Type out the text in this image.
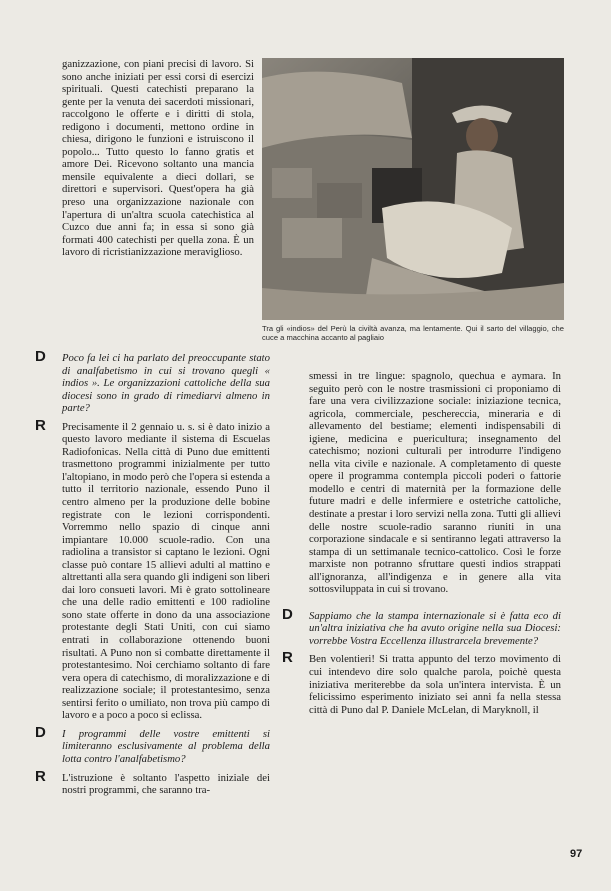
ganizzazione, con piani precisi di lavoro. Si sono anche iniziati per essi corsi di esercizi spirituali. Questi catechisti preparano la gente per la venuta dei sacerdoti missionari, raccolgono le offerte e i diritti di stola, redigono i documenti, mettono ordine in chiesa, dirigono le funzioni e istruiscono il popolo... Tutto questo lo fanno gratis et amore Dei. Ricevono soltanto una mancia mensile equivalente a dieci dollari, se direttori e supervisori. Quest'opera ha già preso una organizzazione nazionale con l'apertura di un'altra scuola catechistica al Cuzco due anni fa; in essa si sono già formati 400 catechisti per quella zona. È un lavoro di ricristianizzazione meraviglioso.

Tra gli «indios» del Perù la civiltà avanza, ma lentamente. Qui il sarto del villaggio, che cuce a macchina accanto al pagliaio
D Poco fa lei ci ha parlato del preoccupante stato di analfabetismo in cui si trovano quegli « indios ». Le organizzazioni cattoliche della sua diocesi sono in grado di rimediarvi almeno in parte?

R Precisamente il 2 gennaio u. s. si è dato inizio a questo lavoro mediante il sistema di Escuelas Radiofonicas. Nella città di Puno due emittenti trasmettono programmi inizialmente per tutto l'altopiano, in modo però che l'opera si estenda a tutto il territorio nazionale, essendo Puno il centro almeno per la produzione delle bobine registrate con le lezioni corrispondenti. Vorremmo nello spazio di cinque anni impiantare 10.000 scuole-radio. Con una radiolina a transistor si captano le lezioni. Ogni classe può contare 15 allievi adulti al mattino e altrettanti alla sera quando gli indigeni son liberi dai loro consueti lavori. Mi è grato sottolineare che una delle radio emittenti e 100 radioline sono state offerte in dono da una associazione protestante degli Stati Uniti, con cui siamo entrati in collaborazione ottenendo buoni risultati. A Puno non si combatte direttamente il protestantesimo. Noi cerchiamo soltanto di fare vera opera di catechismo, di moralizzazione e di realizzazione sociale; il protestantesimo, senza sentirsi ferito o umiliato, non trova più campo di lavoro e a poco a poco si eclissa.

D I programmi delle vostre emittenti si limiteranno esclusivamente al problema della lotta contro l'analfabetismo?

R L'istruzione è soltanto l'aspetto iniziale dei nostri programmi, che saranno tra-

smessi in tre lingue: spagnolo, quechua e aymara. In seguito però con le nostre trasmissioni ci proponiamo di fare una vera civilizzazione sociale: iniziazione tecnica, agricola, commerciale, peschereccia, mineraria e di allevamento del bestiame; elementi indispensabili di igiene, medicina e puericultura; insegnamento del catechismo; nozioni culturali per introdurre l'indigeno nella vita civile e nazionale. A completamento di queste opere il programma contempla piccoli poderi o fattorie modello e centri di maternità per la formazione delle future madri e delle infermiere e ostetriche cattoliche, destinate a prestar i loro servizi nella zona. Tutti gli allievi delle nostre scuole-radio saranno riuniti in una corporazione sindacale e si sentiranno legati attraverso la stampa di un settimanale tecnico-cattolico. Così le forze marxiste non potranno sfruttare questi indios strappati all'ignoranza, all'indigenza e in genere alla vita sottosviluppata in cui si trovano.

D Sappiamo che la stampa internazionale si è fatta eco di un'altra iniziativa che ha avuto origine nella sua Diocesi: vorrebbe Vostra Eccellenza illustrarcela brevemente?

R Ben volentieri! Si tratta appunto del terzo movimento di cui intendevo dire solo qualche parola, poichè questa iniziativa meriterebbe da sola un'intera intervista. È un felicissimo esperimento iniziato sei anni fa nella stessa città di Puno dal P. Daniele McLelan, di Maryknoll, il

97
